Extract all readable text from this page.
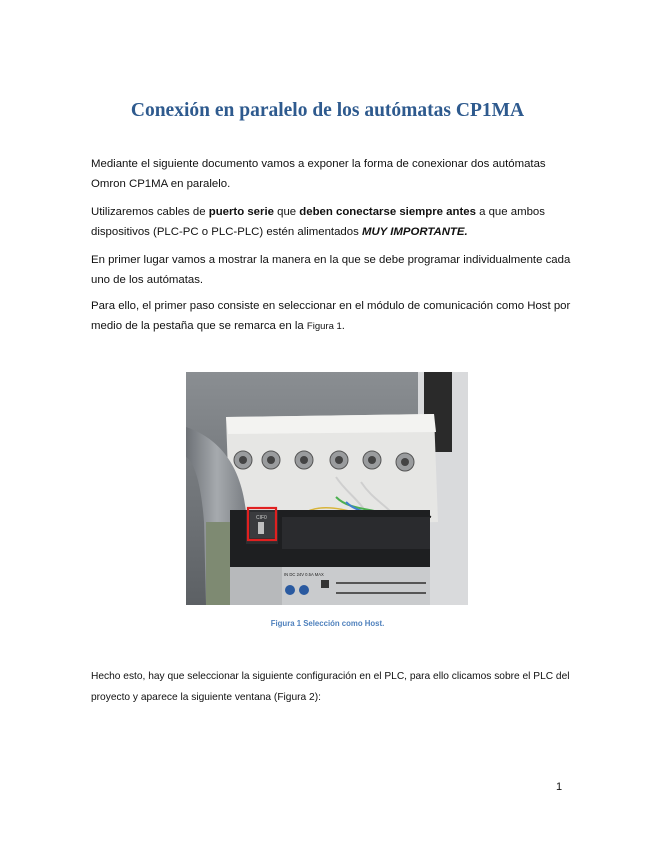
Conexión en paralelo de los autómatas CP1MA

Mediante el siguiente documento vamos a exponer la forma de conexionar dos autómatas Omron CP1MA en paralelo.

Utilizaremos cables de puerto serie que deben conectarse siempre antes a que ambos dispositivos (PLC-PC o PLC-PLC) estén alimentados MUY IMPORTANTE.

En primer lugar vamos a mostrar la manera en la que se debe programar individualmente cada uno de los autómatas.

Para ello, el primer paso consiste en seleccionar en el módulo de comunicación como Host por medio de la pestaña que se remarca en la Figura 1.

CIF0
IN DC 24V 0.5A MAX

Figura 1 Selección como Host.

Hecho esto, hay que seleccionar la siguiente configuración en el PLC, para ello clicamos sobre el PLC del proyecto y aparece la siguiente ventana (Figura 2):

1
